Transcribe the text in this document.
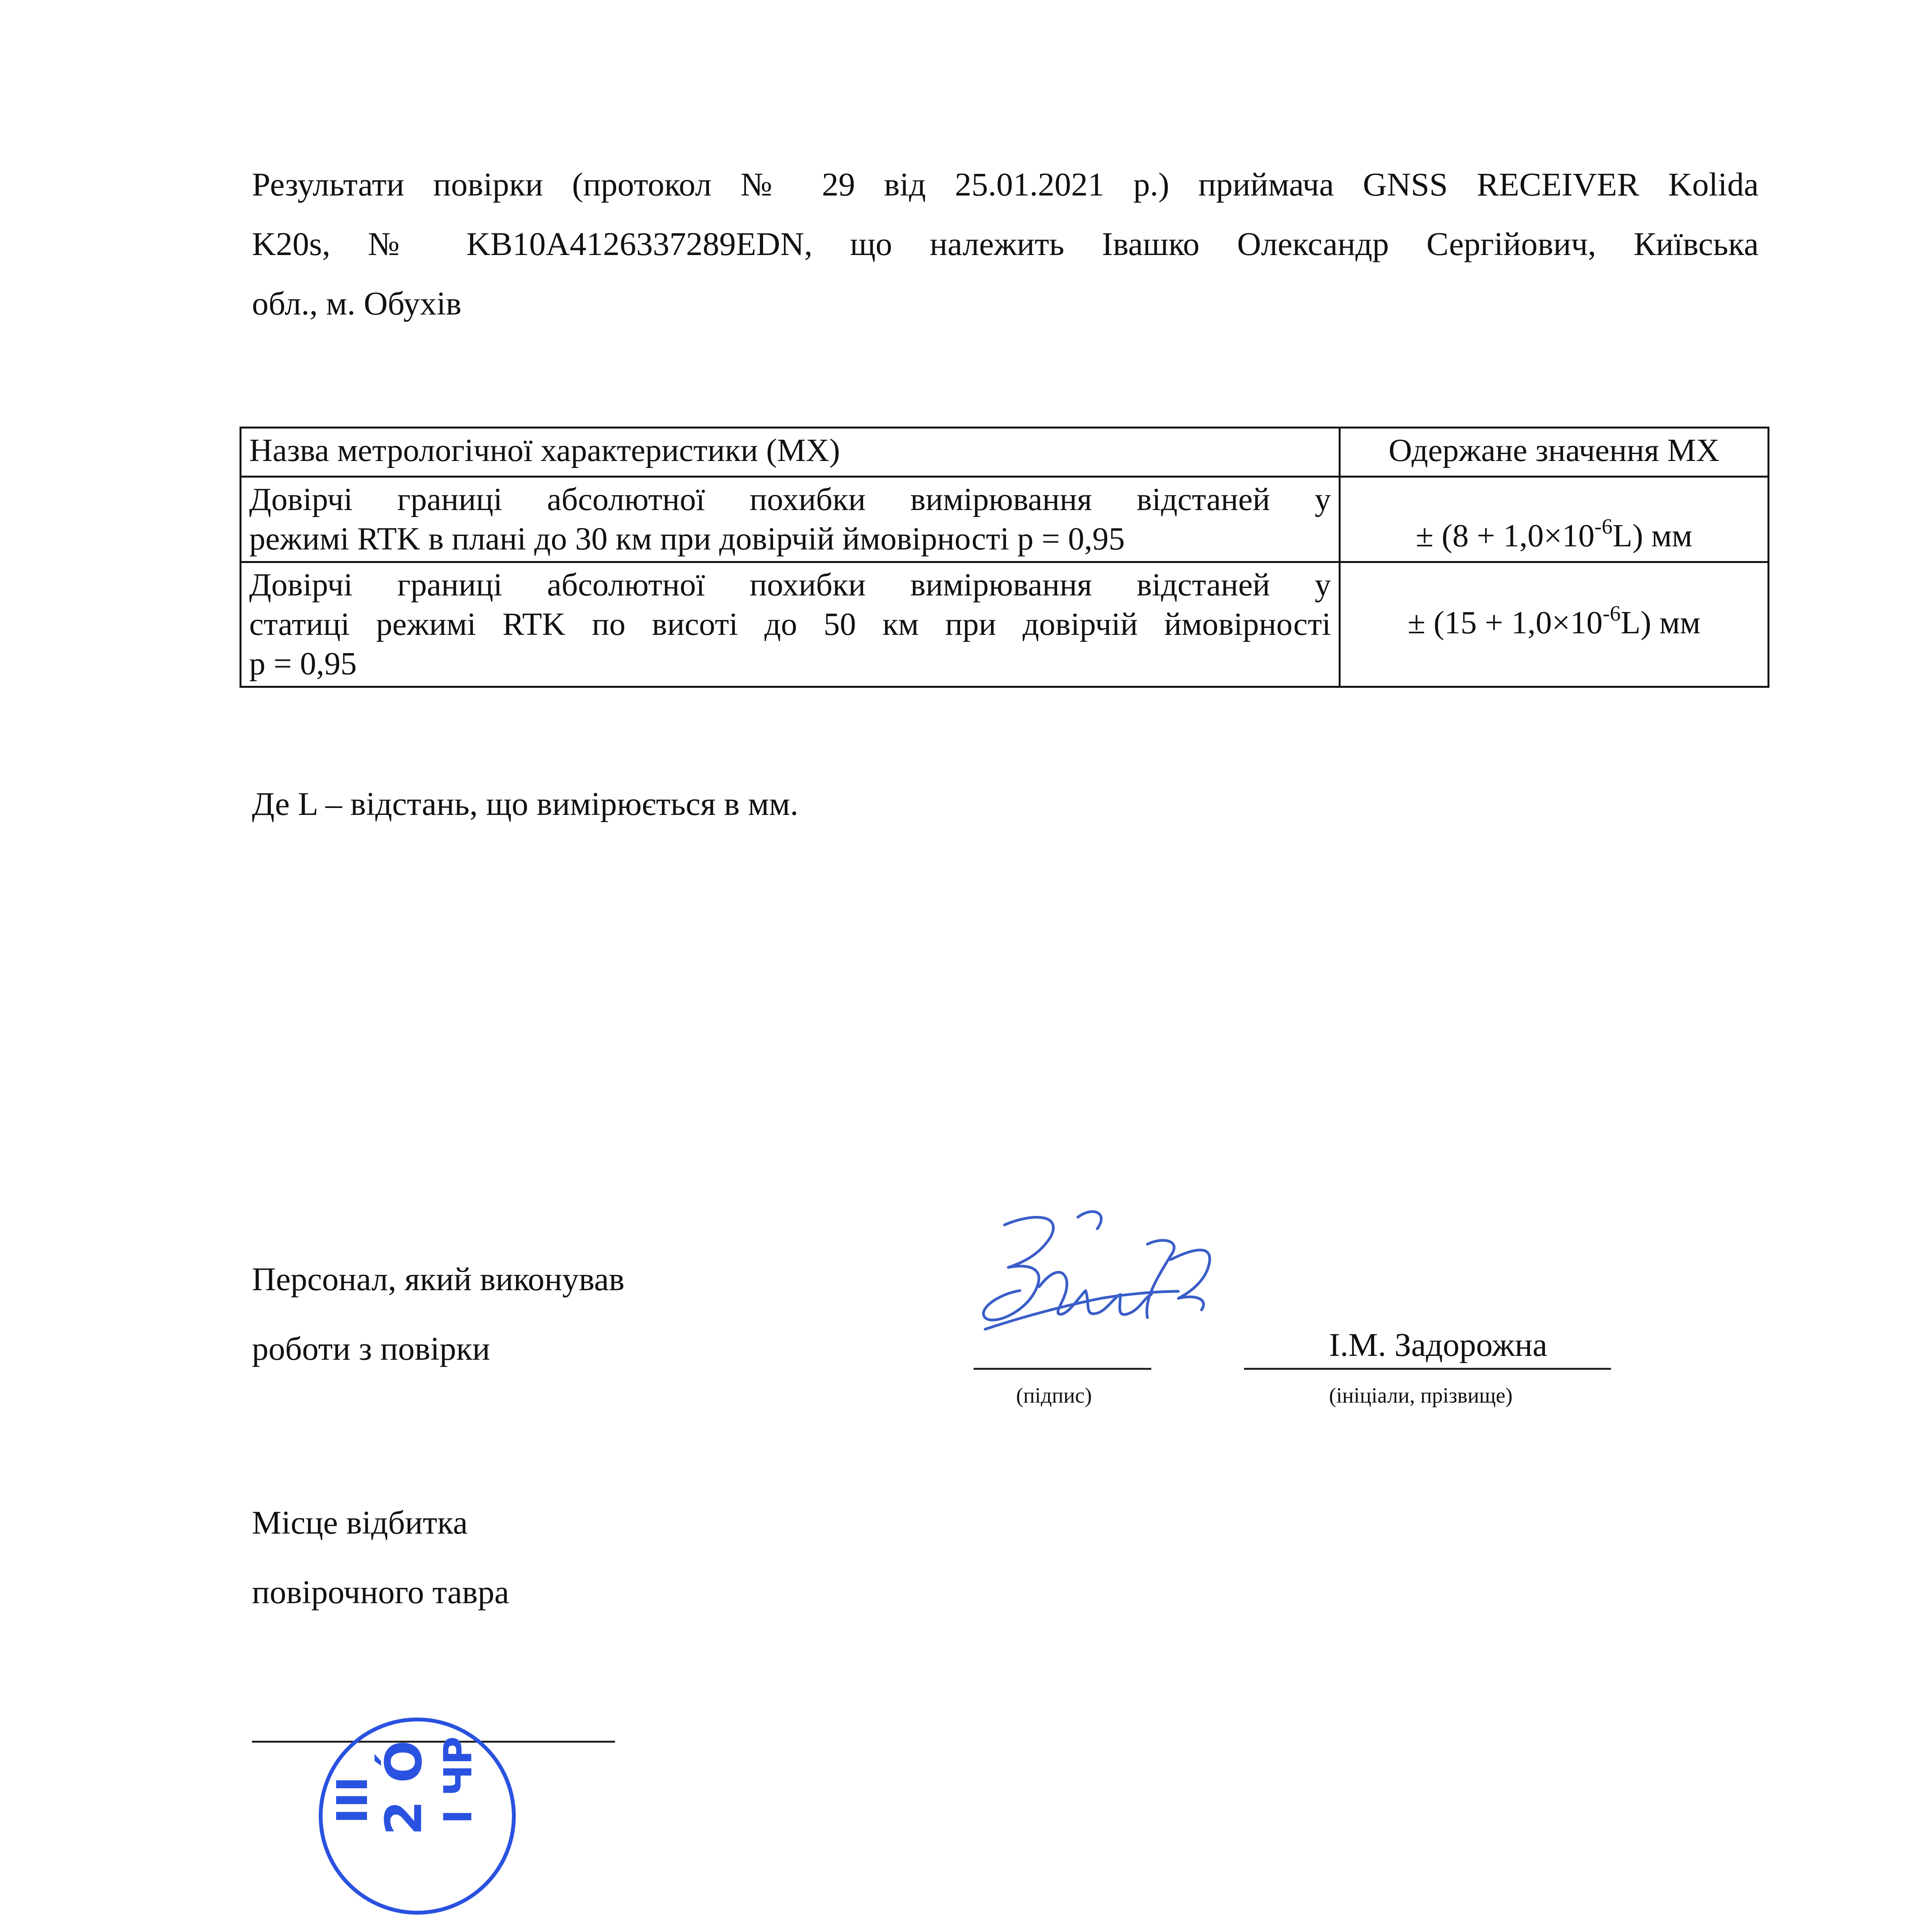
Результати повірки (протокол № 29 від 25.01.2021 р.) приймача GNSS RECEIVER Kolida
K20s, № KB10A4126337289EDN, що належить Івашко Олександр Сергійович, Київська
обл., м. Обухів
Назва метрологічної характеристики (МХ)	Одержане значення МХ

Довірчі границі абсолютної похибки вимірювання відстаней у
режимі RTK в плані до 30 км при довірчій ймовірності p = 0,95	± $(8 + 1,0\times 10^{-6}L)$ мм

Довірчі границі абсолютної похибки вимірювання відстаней у
статиці режимі RTK по висоті до 50 км при довірчій ймовірності
p = 0,95	± $(15 + 1,0\times 10^{-6}L)$ мм
Де L – відстань, що вимірюється в мм.
Персонал, який виконував
роботи з повірки	І.М. Задорожна
(підпис)	(ініціали, прізвище)
Місце відбитка
повірочного тавра
III
2 Ó I ЧР
